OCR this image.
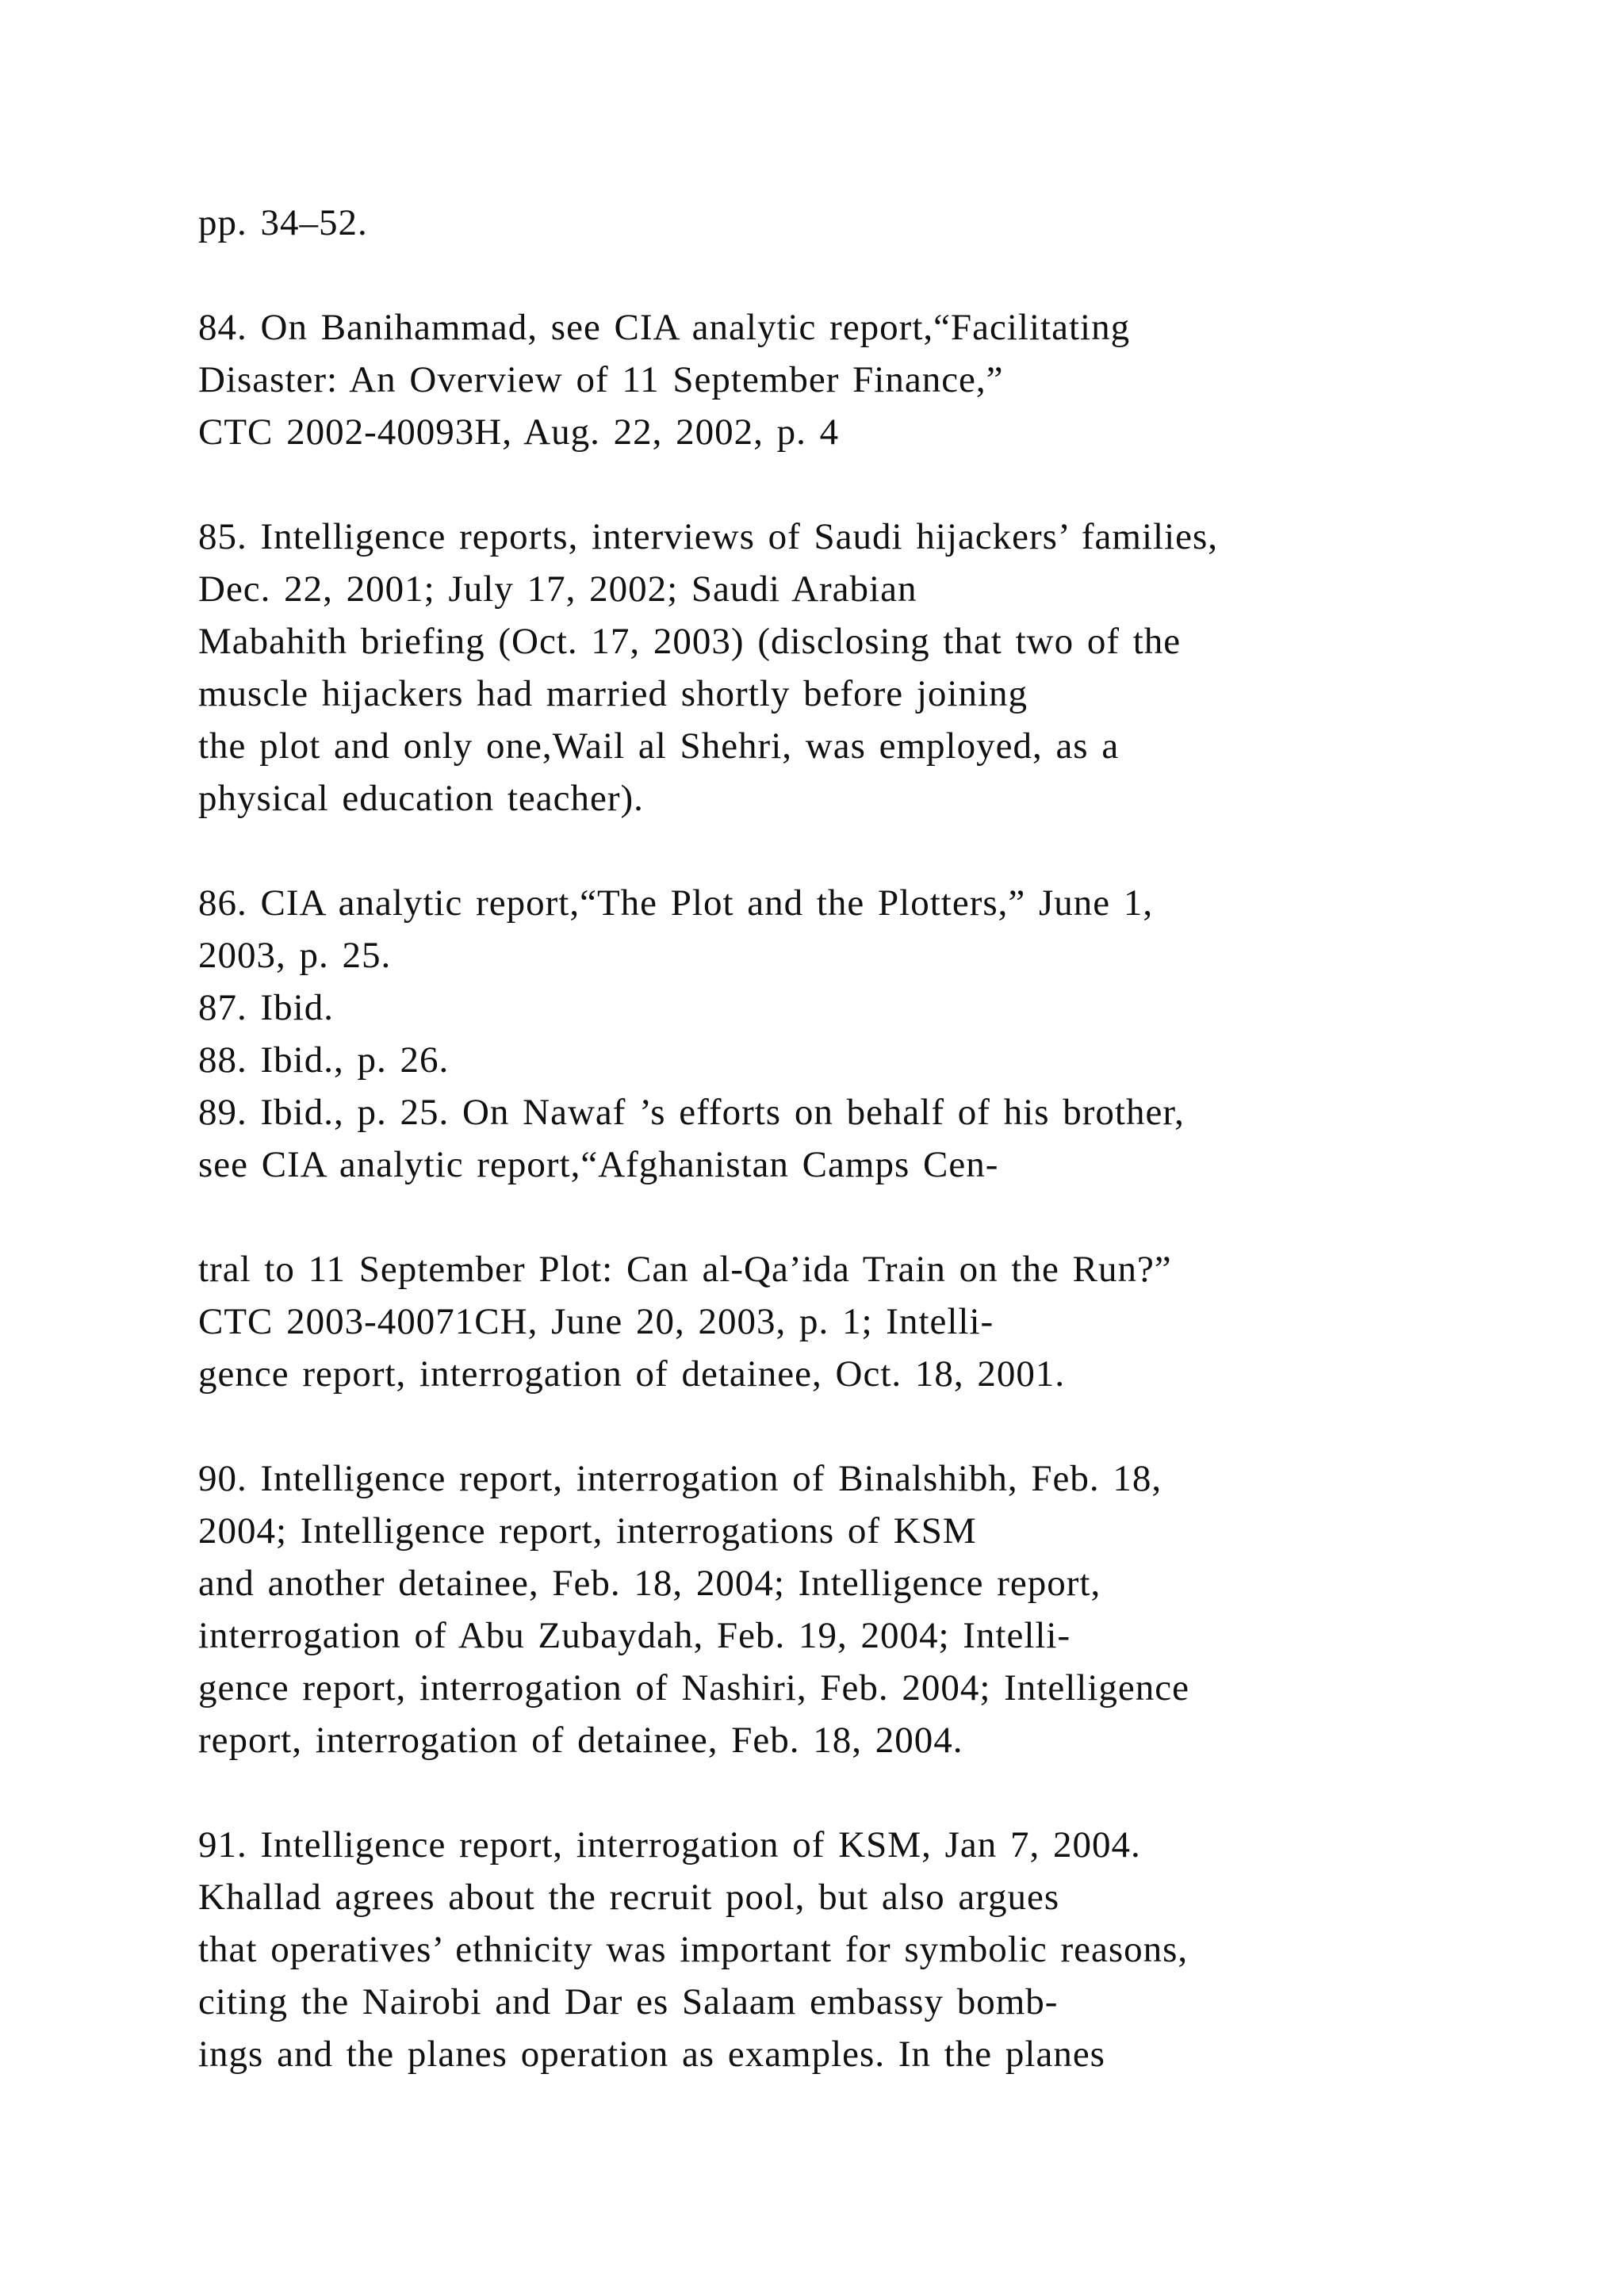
pp. 34–52.
84. On Banihammad, see CIA analytic report,“Facilitating
Disaster: An Overview of 11 September Finance,”
CTC 2002-40093H, Aug. 22, 2002, p. 4
85. Intelligence reports, interviews of Saudi hijackers’ families,
Dec. 22, 2001; July 17, 2002; Saudi Arabian
Mabahith briefing (Oct. 17, 2003) (disclosing that two of the
muscle hijackers had married shortly before joining
the plot and only one,Wail al Shehri, was employed, as a
physical education teacher).
86. CIA analytic report,“The Plot and the Plotters,” June 1,
2003, p. 25.
87. Ibid.
88. Ibid., p. 26.
89. Ibid., p. 25. On Nawaf ’s efforts on behalf of his brother,
see CIA analytic report,“Afghanistan Camps Cen-
tral to 11 September Plot: Can al-Qa’ida Train on the Run?”
CTC 2003-40071CH, June 20, 2003, p. 1; Intelli-
gence report, interrogation of detainee, Oct. 18, 2001.
90. Intelligence report, interrogation of Binalshibh, Feb. 18,
2004; Intelligence report, interrogations of KSM
and another detainee, Feb. 18, 2004; Intelligence report,
interrogation of Abu Zubaydah, Feb. 19, 2004; Intelli-
gence report, interrogation of Nashiri, Feb. 2004; Intelligence
report, interrogation of detainee, Feb. 18, 2004.
91. Intelligence report, interrogation of KSM, Jan 7, 2004.
Khallad agrees about the recruit pool, but also argues
that operatives’ ethnicity was important for symbolic reasons,
citing the Nairobi and Dar es Salaam embassy bomb-
ings and the planes operation as examples. In the planes
